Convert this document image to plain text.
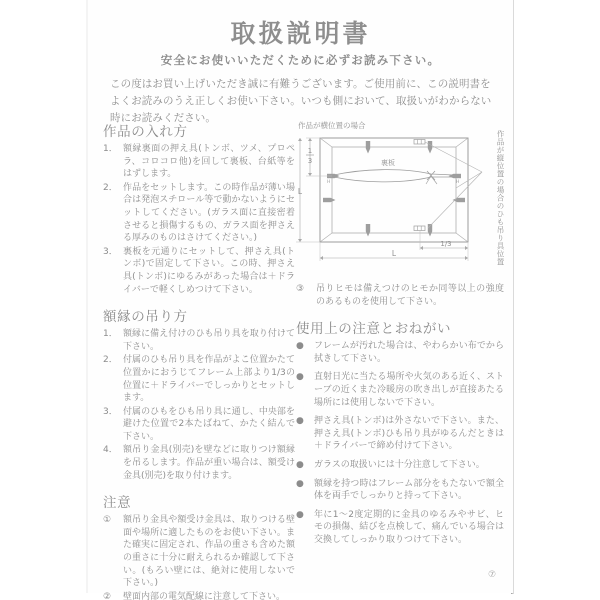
取扱説明書
安全にお使いいただくために必ずお読み下さい。
この度はお買い上げいただき誠に有難うございます。ご使用前に、この説明書をよくお読みのうえ正しくお使い下さい。いつも側において、取扱いがわからない時にお読みください。
作品の入れ方
1． 額縁裏面の押え具(トンボ、ツメ、プロペラ、コロコロ他)を回して裏板、台紙等をはずします。
2． 作品をセットします。この時作品が薄い場合は発泡スチロール等で動かないようにセットしてください。(ガラス面に直接密着させると損傷するもの、ガラス面を押さえる厚みのものはさけてください。)
3． 裏板を元通りにセットして、押さえ具(トンボ)で固定して下さい。この時、押さえ具(トンボ)にゆるみがあった場合は＋ドライバーで軽くしめつけて下さい。
額縁の吊り方
1． 額縁に備え付けのひも吊り具を取り付けて下さい。
2． 付属のひも吊り具を作品がよこ位置かたて位置かにおうじてフレーム上部より1/3の位置に＋ドライバーでしっかりとセットします。
3． 付属のひもをひも吊り具に通し、中央部を避けた位置で2本たばねて、かたく結んで下さい。
4． 額吊り金具(別売)を壁などに取りつけ額縁を吊るします。作品が重い場合は、額受け金具(別売)を取り付けます。
注意
①	額吊り金具や額受け金具は、取りつける壁面や場所に適したものをお使い下さい。また確実に固定され、作品の重さも含めた額の重さに十分に耐えられるか確認して下さい。(もろい壁には、絶対に使用しないで下さい。)
②	壁面内部の電気配線に注意して下さい。
作品が横位置の場合
作品が縦位置の場合のひも吊り具位置
裏板
H	H
1
3
L
L
1/3
③	吊りヒモは備えつけのヒモか同等以上の強度のあるものを使用して下さい。
使用上の注意とおねがい
●	フレームが汚れた場合は、やわらかい布でから拭きして下さい。
●	直射日光に当たる場所や火気のある近く、ストーブの近くまた冷暖房の吹き出しが直接あたる場所には使用しないで下さい。
●	押さえ具(トンボ)は外さないで下さい。また、押さえ具(トンボ)ひも吊り具がゆるんだときは＋ドライバーで締め付けて下さい。
●	ガラスの取扱いには十分注意して下さい。
●	額縁を持つ時はフレーム部分をもたないで額全体を両手でしっかりと持って下さい。
●	年に1～2度定期的に金具のゆるみやサビ、ヒモの損傷、結びを点検して、痛んでいる場合は交換してしっかり取りつけて下さい。
⑦
